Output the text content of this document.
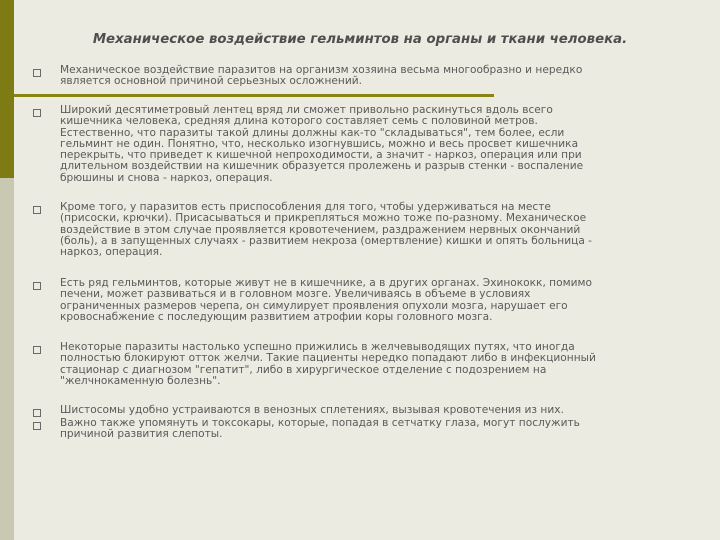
Механическое воздействие гельминтов на органы и ткани человека.
Механическое воздействие паразитов на организм хозяина весьма многообразно и нередко
является основной причиной серьезных осложнений.
Широкий десятиметровый лентец вряд ли сможет привольно раскинуться вдоль всего
кишечника человека, средняя длина которого составляет семь с половиной метров.
Естественно, что паразиты такой длины должны как-то "складываться", тем более, если
гельминт не один. Понятно, что, несколько изогнувшись, можно и весь просвет кишечника
перекрыть, что приведет к кишечной непроходимости, а значит - наркоз, операция или при
длительном воздействии на кишечник образуется пролежень и разрыв стенки - воспаление
брюшины и снова - наркоз, операция.
Кроме того, у паразитов есть приспособления для того, чтобы удерживаться на месте
(присоски, крючки). Присасываться и прикрепляться можно тоже по-разному. Механическое
воздействие в этом случае проявляется кровотечением, раздражением нервных окончаний
(боль), а в запущенных случаях - развитием некроза (омертвление) кишки и опять больница -
наркоз, операция.
Есть ряд гельминтов, которые живут не в кишечнике, а в других органах. Эхинококк, помимо
печени, может развиваться и в головном мозге. Увеличиваясь в объеме в условиях
ограниченных размеров черепа, он симулирует проявления опухоли мозга, нарушает его
кровоснабжение с последующим развитием атрофии коры головного мозга.
Некоторые паразиты настолько успешно прижились в желчевыводящих путях, что иногда
полностью блокируют отток желчи. Такие пациенты нередко попадают либо в инфекционный
стационар с диагнозом "гепатит", либо в хирургическое отделение с подозрением на
"желчнокаменную болезнь".
Шистосомы удобно устраиваются в венозных сплетениях, вызывая кровотечения из них.
Важно также упомянуть и токсокары, которые, попадая в сетчатку глаза, могут послужить
причиной развития слепоты.
